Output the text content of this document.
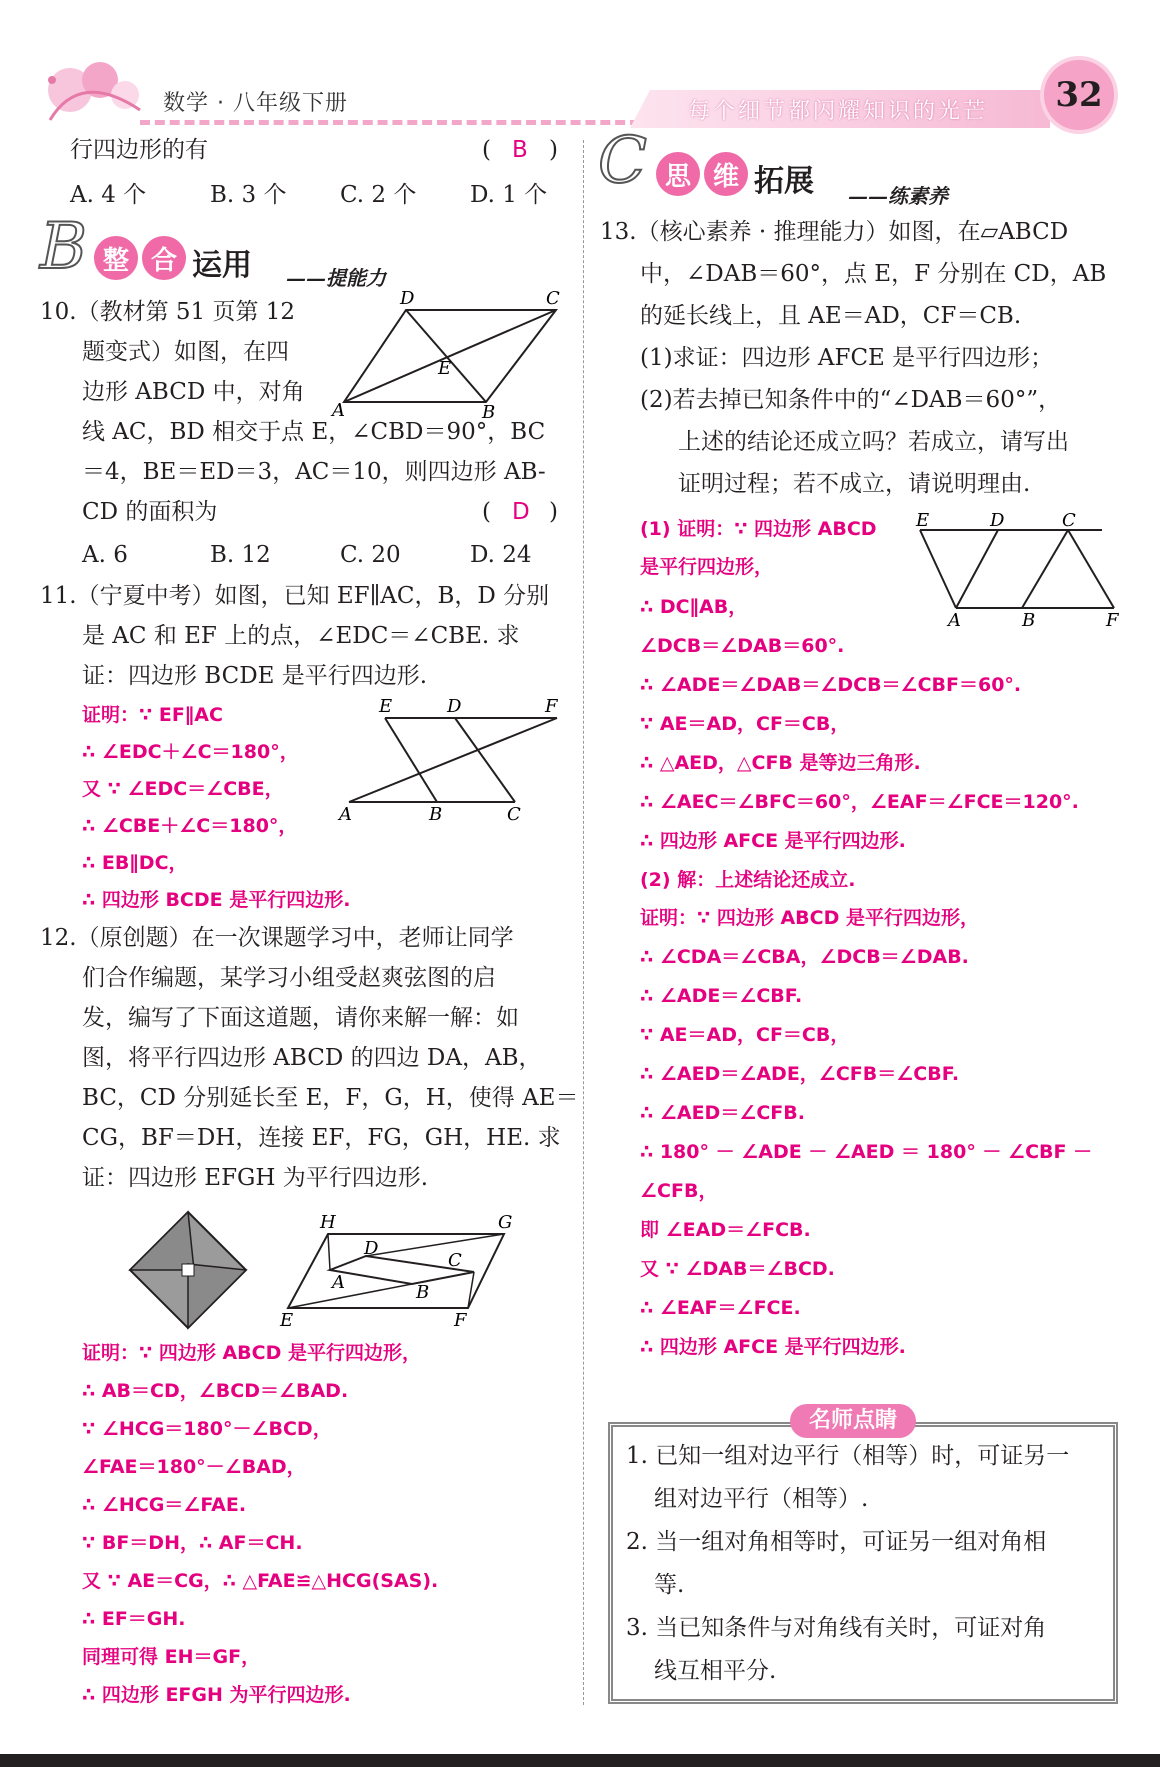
数学 · 八年级下册	每个细节都闪耀知识的光芒 32
行四边形的有	( B )
A. 4 个	B. 3 个 C. 2 个 D. 1 个
B 整 合 运用 ——提能力
10.（教材第 51 页第 12
题变式）如图，在四
边形 ABCD 中，对角
线 AC，BD 相交于点 E，∠CBD＝90°，BC
＝4，BE＝ED＝3，AC＝10，则四边形 AB-
CD 的面积为	( D )
A. 6	B. 12	C. 20	D. 24
A	B
C
D
E
11.（宁夏中考）如图，已知 EF∥AC，B，D 分别
是 AC 和 EF 上的点，∠EDC＝∠CBE. 求
证：四边形 BCDE 是平行四边形.
证明：∵ EF∥AC
∴ ∠EDC＋∠C＝180°，
又 ∵ ∠EDC＝∠CBE，
∴ ∠CBE＋∠C＝180°，
∴ EB∥DC，
∴ 四边形 BCDE 是平行四边形.
E	D	F
A	B	C
12.（原创题）在一次课题学习中，老师让同学
们合作编题，某学习小组受赵爽弦图的启
发，编写了下面这道题，请你来解一解：如
图，将平行四边形 ABCD 的四边 DA，AB，
BC，CD 分别延长至 E，F，G，H，使得 AE＝
CG，BF＝DH，连接 EF，FG，GH，HE. 求
证：四边形 EFGH 为平行四边形.
H	G
D
C
A	B
E	F
证明：∵ 四边形 ABCD 是平行四边形，
∴ AB＝CD，∠BCD＝∠BAD.
∵ ∠HCG＝180°－∠BCD，
∠FAE＝180°－∠BAD，
∴ ∠HCG＝∠FAE.
∵ BF＝DH，∴ AF＝CH.
又 ∵ AE＝CG，∴ △FAE≌△HCG(SAS).
∴ EF＝GH.
同理可得 EH＝GF，
∴ 四边形 EFGH 为平行四边形.
C 思 维 拓展 ——练素养
13.（核心素养 · 推理能力）如图，在▱ABCD
中，∠DAB＝60°，点 E，F 分别在 CD，AB
的延长线上，且 AE＝AD，CF＝CB.
(1)求证：四边形 AFCE 是平行四边形；
(2)若去掉已知条件中的“∠DAB＝60°”，
上述的结论还成立吗？若成立，请写出
证明过程；若不成立，请说明理由.
(1) 证明：∵ 四边形 ABCD
是平行四边形，
∴ DC∥AB，
∠DCB＝∠DAB＝60°.
∴ ∠ADE＝∠DAB＝∠DCB＝∠CBF＝60°.
∵ AE＝AD，CF＝CB，
∴ △AED，△CFB 是等边三角形.
∴ ∠AEC＝∠BFC＝60°，∠EAF＝∠FCE＝120°.
∴ 四边形 AFCE 是平行四边形.
E	D	C
A	B	F
(2) 解：上述结论还成立.
证明：∵ 四边形 ABCD 是平行四边形，
∴ ∠CDA＝∠CBA，∠DCB＝∠DAB.
∴ ∠ADE＝∠CBF.
∵ AE＝AD，CF＝CB，
∴ ∠AED＝∠ADE，∠CFB＝∠CBF.
∴ ∠AED＝∠CFB.
∴ 180° － ∠ADE － ∠AED ＝ 180° － ∠CBF －
∠CFB，
即 ∠EAD＝∠FCB.
又 ∵ ∠DAB＝∠BCD.
∴ ∠EAF＝∠FCE.
∴ 四边形 AFCE 是平行四边形.
名师点睛
1. 已知一组对边平行（相等）时，可证另一
组对边平行（相等）.
2. 当一组对角相等时，可证另一组对角相
等.
3. 当已知条件与对角线有关时，可证对角
线互相平分.
